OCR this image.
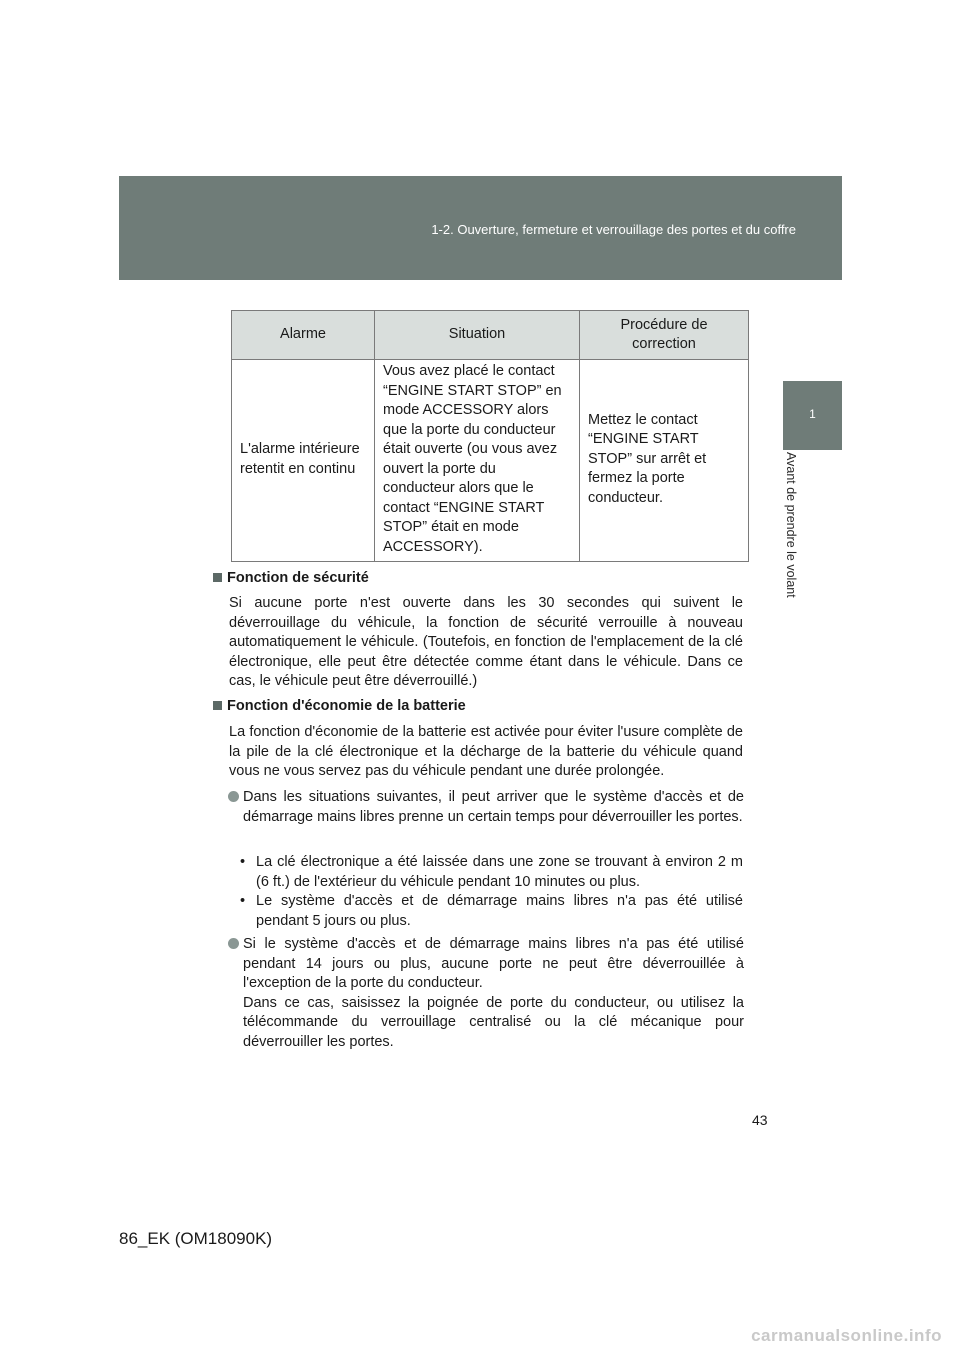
1-2. Ouverture, fermeture et verrouillage des portes et du coffre
1
Avant de prendre le volant
Alarme	Situation	Procédure de correction
L'alarme intérieure retentit en continu	Vous avez placé le contact “ENGINE START STOP” en mode ACCESSORY alors que la porte du conducteur était ouverte (ou vous avez ouvert la porte du conducteur alors que le contact “ENGINE START STOP” était en mode ACCESSORY).	Mettez le contact “ENGINE START STOP” sur arrêt et fermez la porte conducteur.
Fonction de sécurité

Si aucune porte n'est ouverte dans les 30 secondes qui suivent le déverrouillage du véhicule, la fonction de sécurité verrouille à nouveau automatiquement le véhicule. (Toutefois, en fonction de l'emplacement de la clé électronique, elle peut être détectée comme étant dans le véhicule. Dans ce cas, le véhicule peut être déverrouillé.)

Fonction d'économie de la batterie

La fonction d'économie de la batterie est activée pour éviter l'usure complète de la pile de la clé électronique et la décharge de la batterie du véhicule quand vous ne vous servez pas du véhicule pendant une durée prolongée.

Dans les situations suivantes, il peut arriver que le système d'accès et de démarrage mains libres prenne un certain temps pour déverrouiller les portes.
• La clé électronique a été laissée dans une zone se trouvant à environ 2 m (6 ft.) de l'extérieur du véhicule pendant 10 minutes ou plus.
• Le système d'accès et de démarrage mains libres n'a pas été utilisé pendant 5 jours ou plus.
Si le système d'accès et de démarrage mains libres n'a pas été utilisé pendant 14 jours ou plus, aucune porte ne peut être déverrouillée à l'exception de la porte du conducteur.
Dans ce cas, saisissez la poignée de porte du conducteur, ou utilisez la télécommande du verrouillage centralisé ou la clé mécanique pour déverrouiller les portes.
43
86_EK (OM18090K)
carmanualsonline.info
